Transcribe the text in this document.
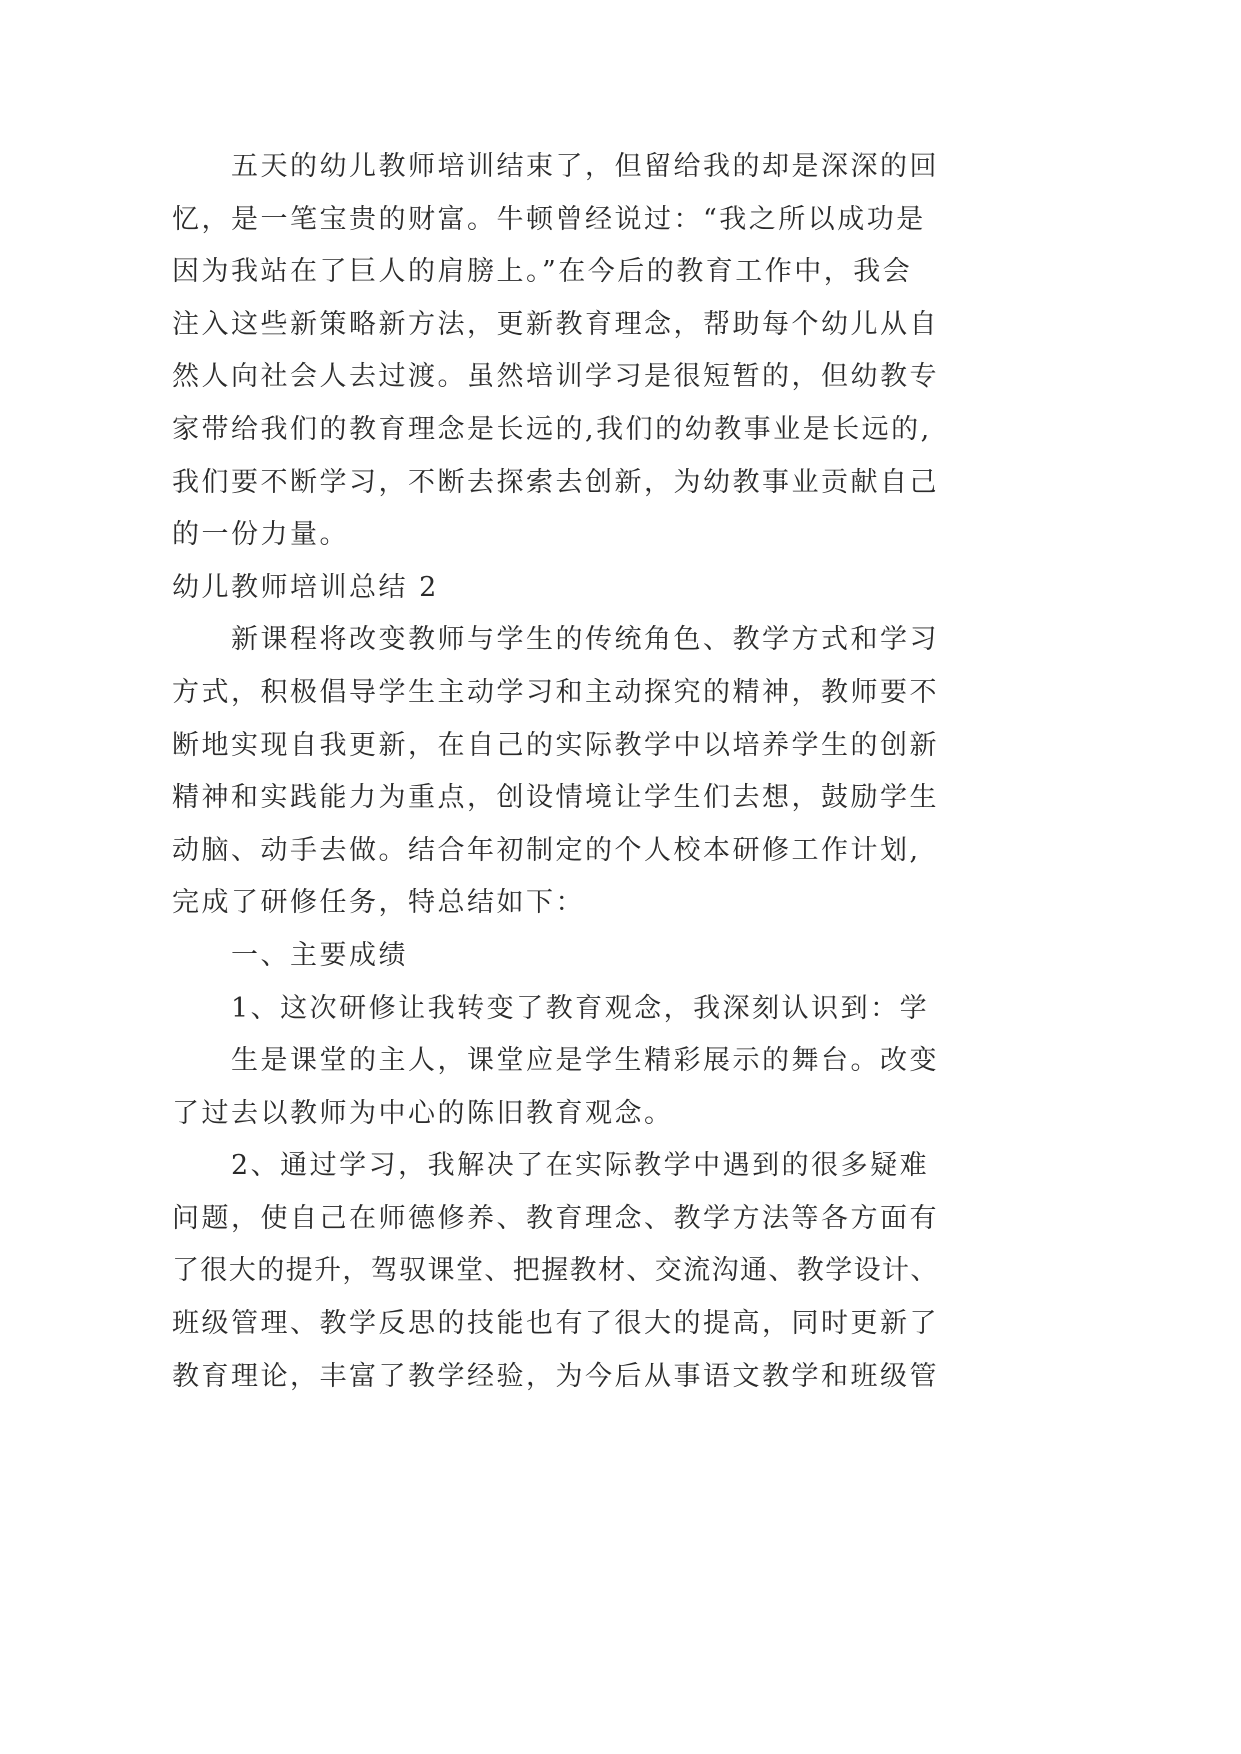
五天的幼儿教师培训结束了，但留给我的却是深深的回
忆，是一笔宝贵的财富。牛顿曾经说过：“我之所以成功是
因为我站在了巨人的肩膀上。”在今后的教育工作中，我会
注入这些新策略新方法，更新教育理念，帮助每个幼儿从自
然人向社会人去过渡。虽然培训学习是很短暂的，但幼教专
家带给我们的教育理念是长远的,我们的幼教事业是长远的,
我们要不断学习，不断去探索去创新，为幼教事业贡献自己
的一份力量。
幼儿教师培训总结 2
新课程将改变教师与学生的传统角色、教学方式和学习
方式，积极倡导学生主动学习和主动探究的精神，教师要不
断地实现自我更新，在自己的实际教学中以培养学生的创新
精神和实践能力为重点，创设情境让学生们去想，鼓励学生
动脑、动手去做。结合年初制定的个人校本研修工作计划,
完成了研修任务，特总结如下：
一、主要成绩
1、这次研修让我转变了教育观念，我深刻认识到：学
生是课堂的主人，课堂应是学生精彩展示的舞台。改变
了过去以教师为中心的陈旧教育观念。
2、通过学习，我解决了在实际教学中遇到的很多疑难
问题，使自己在师德修养、教育理念、教学方法等各方面有
了很大的提升，驾驭课堂、把握教材、交流沟通、教学设计、
班级管理、教学反思的技能也有了很大的提高，同时更新了
教育理论，丰富了教学经验，为今后从事语文教学和班级管
